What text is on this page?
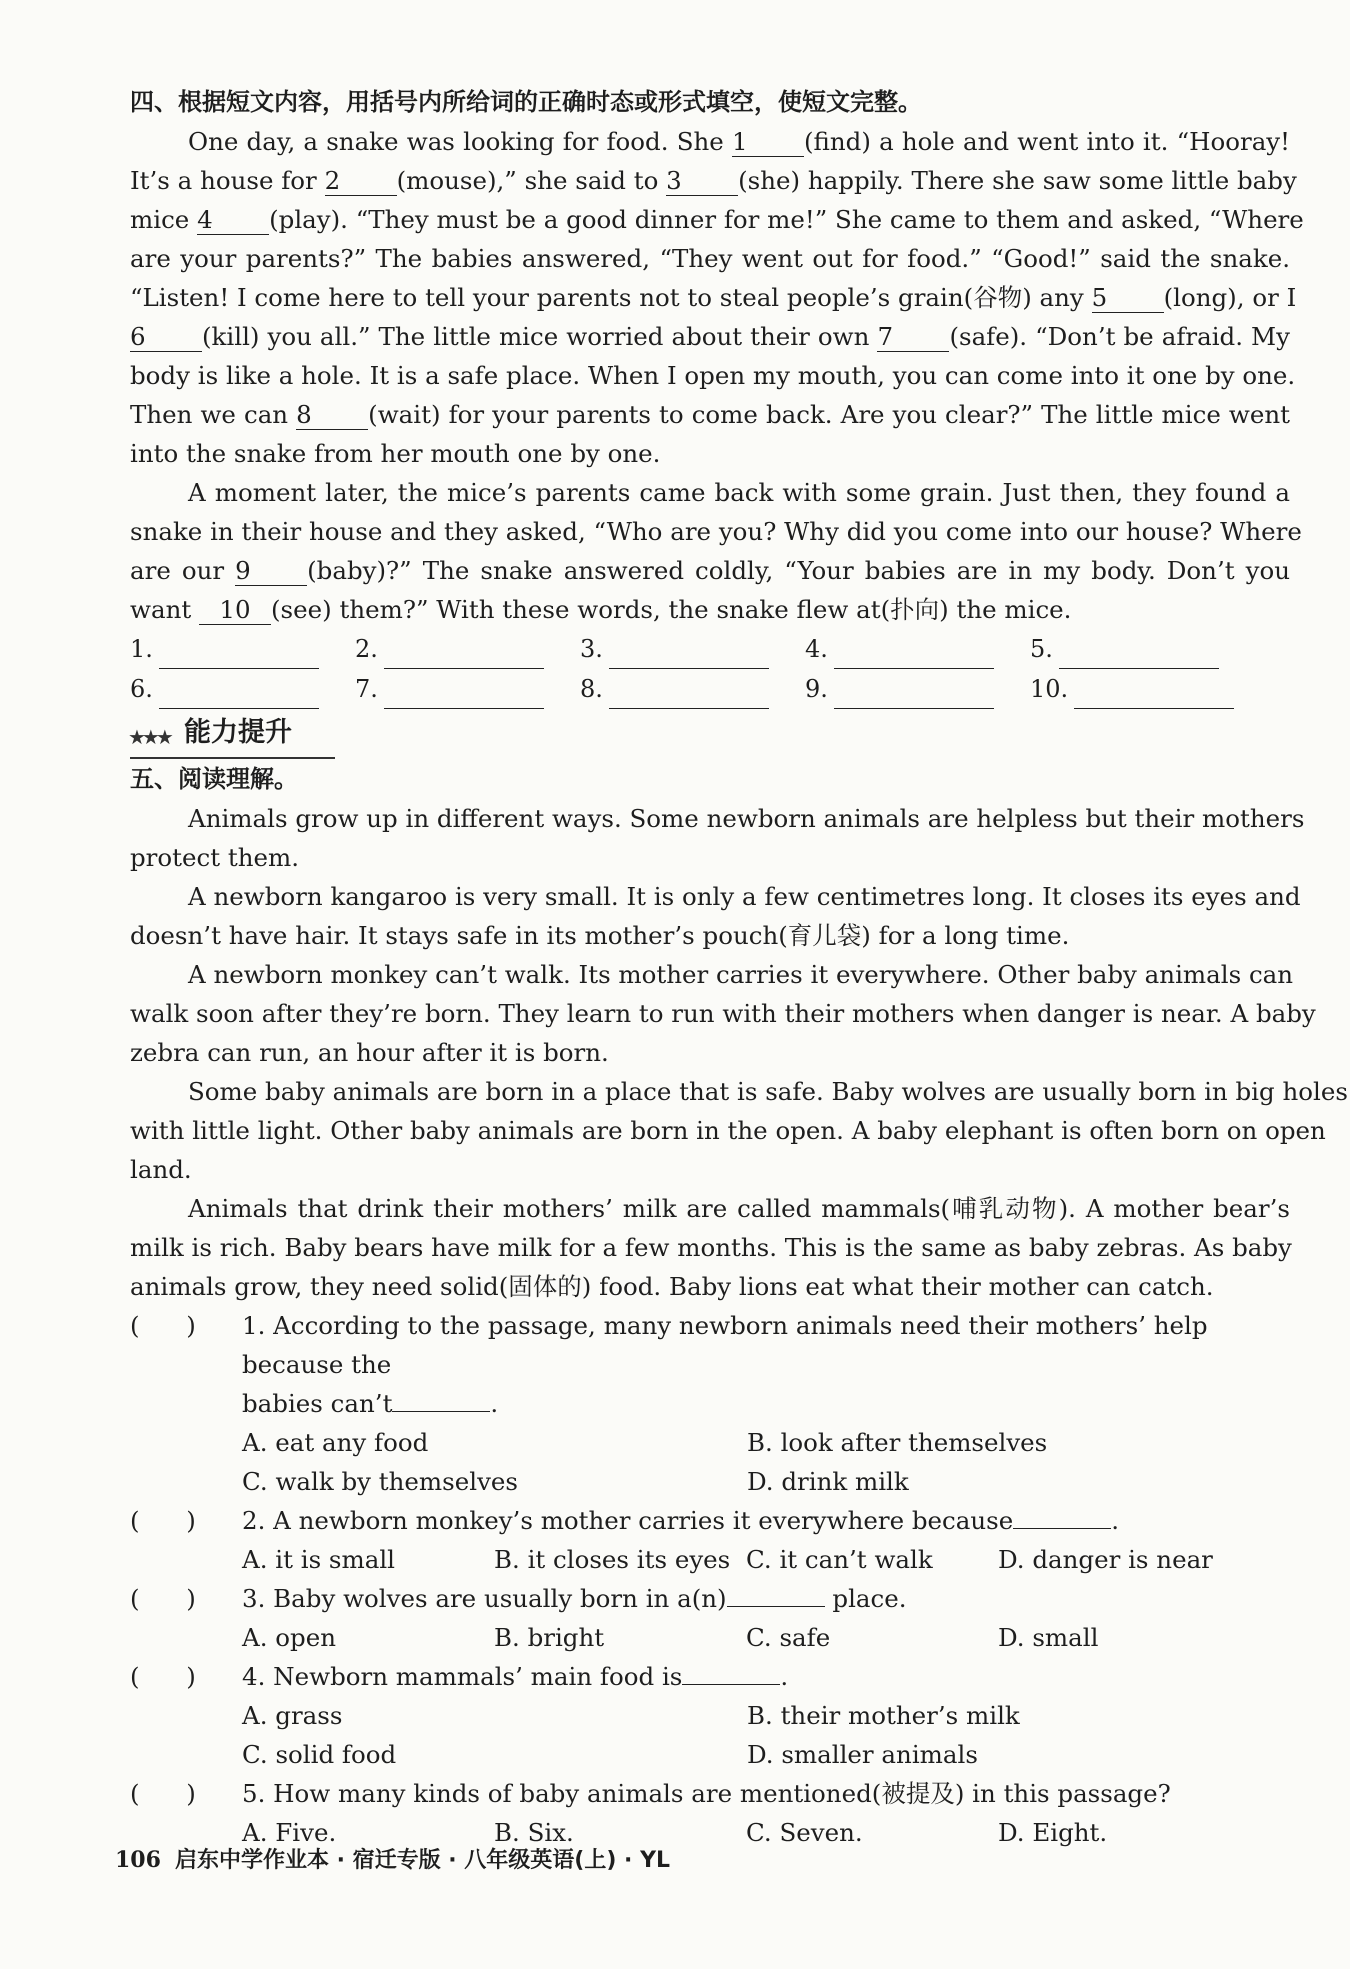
四、根据短文内容，用括号内所给词的正确时态或形式填空，使短文完整。
One day, a snake was looking for food. She 1 (find) a hole and went into it. “Hooray!
It’s a house for 2 (mouse),” she said to 3 (she) happily. There she saw some little baby
mice 4 (play). “They must be a good dinner for me!” She came to them and asked, “Where
are your parents?” The babies answered, “They went out for food.” “Good!” said the snake.
“Listen! I come here to tell your parents not to steal people’s grain(谷物) any 5 (long), or I
6 (kill) you all.” The little mice worried about their own 7 (safe). “Don’t be afraid. My
body is like a hole. It is a safe place. When I open my mouth, you can come into it one by one.
Then we can 8 (wait) for your parents to come back. Are you clear?” The little mice went
into the snake from her mouth one by one.
A moment later, the mice’s parents came back with some grain. Just then, they found a
snake in their house and they asked, “Who are you? Why did you come into our house? Where
are our 9 (baby)?” The snake answered coldly, “Your babies are in my body. Don’t you
want 10 (see) them?” With these words, the snake flew at(扑向) the mice.
1.	2.	3.	4.	5.
6.	7.	8.	9.	10.
★★★ 能力提升
五、阅读理解。
Animals grow up in different ways. Some newborn animals are helpless but their mothers
protect them.
A newborn kangaroo is very small. It is only a few centimetres long. It closes its eyes and
doesn’t have hair. It stays safe in its mother’s pouch(育儿袋) for a long time.
A newborn monkey can’t walk. Its mother carries it everywhere. Other baby animals can
walk soon after they’re born. They learn to run with their mothers when danger is near. A baby
zebra can run, an hour after it is born.
Some baby animals are born in a place that is safe. Baby wolves are usually born in big holes
with little light. Other baby animals are born in the open. A baby elephant is often born on open
land.
Animals that drink their mothers’ milk are called mammals(哺乳动物). A mother bear’s
milk is rich. Baby bears have milk for a few months. This is the same as baby zebras. As baby
animals grow, they need solid(固体的) food. Baby lions eat what their mother can catch.
(      )	1. According to the passage, many newborn animals need their mothers’ help because the
babies can’t	.
A. eat any food	B. look after themselves
C. walk by themselves	D. drink milk
(      )	2. A newborn monkey’s mother carries it everywhere because	.
A. it is small	B. it closes its eyes C. it can’t walk	D. danger is near
(      )	3. Baby wolves are usually born in a(n)	place.
A. open	B. bright	C. safe	D. small
(      )	4. Newborn mammals’ main food is	.
A. grass	B. their mother’s milk
C. solid food	D. smaller animals
(      )	5. How many kinds of baby animals are mentioned(被提及) in this passage?
A. Five.	B. Six.	C. Seven.	D. Eight.
106 启东中学作业本 · 宿迁专版 · 八年级英语(上) · YL
